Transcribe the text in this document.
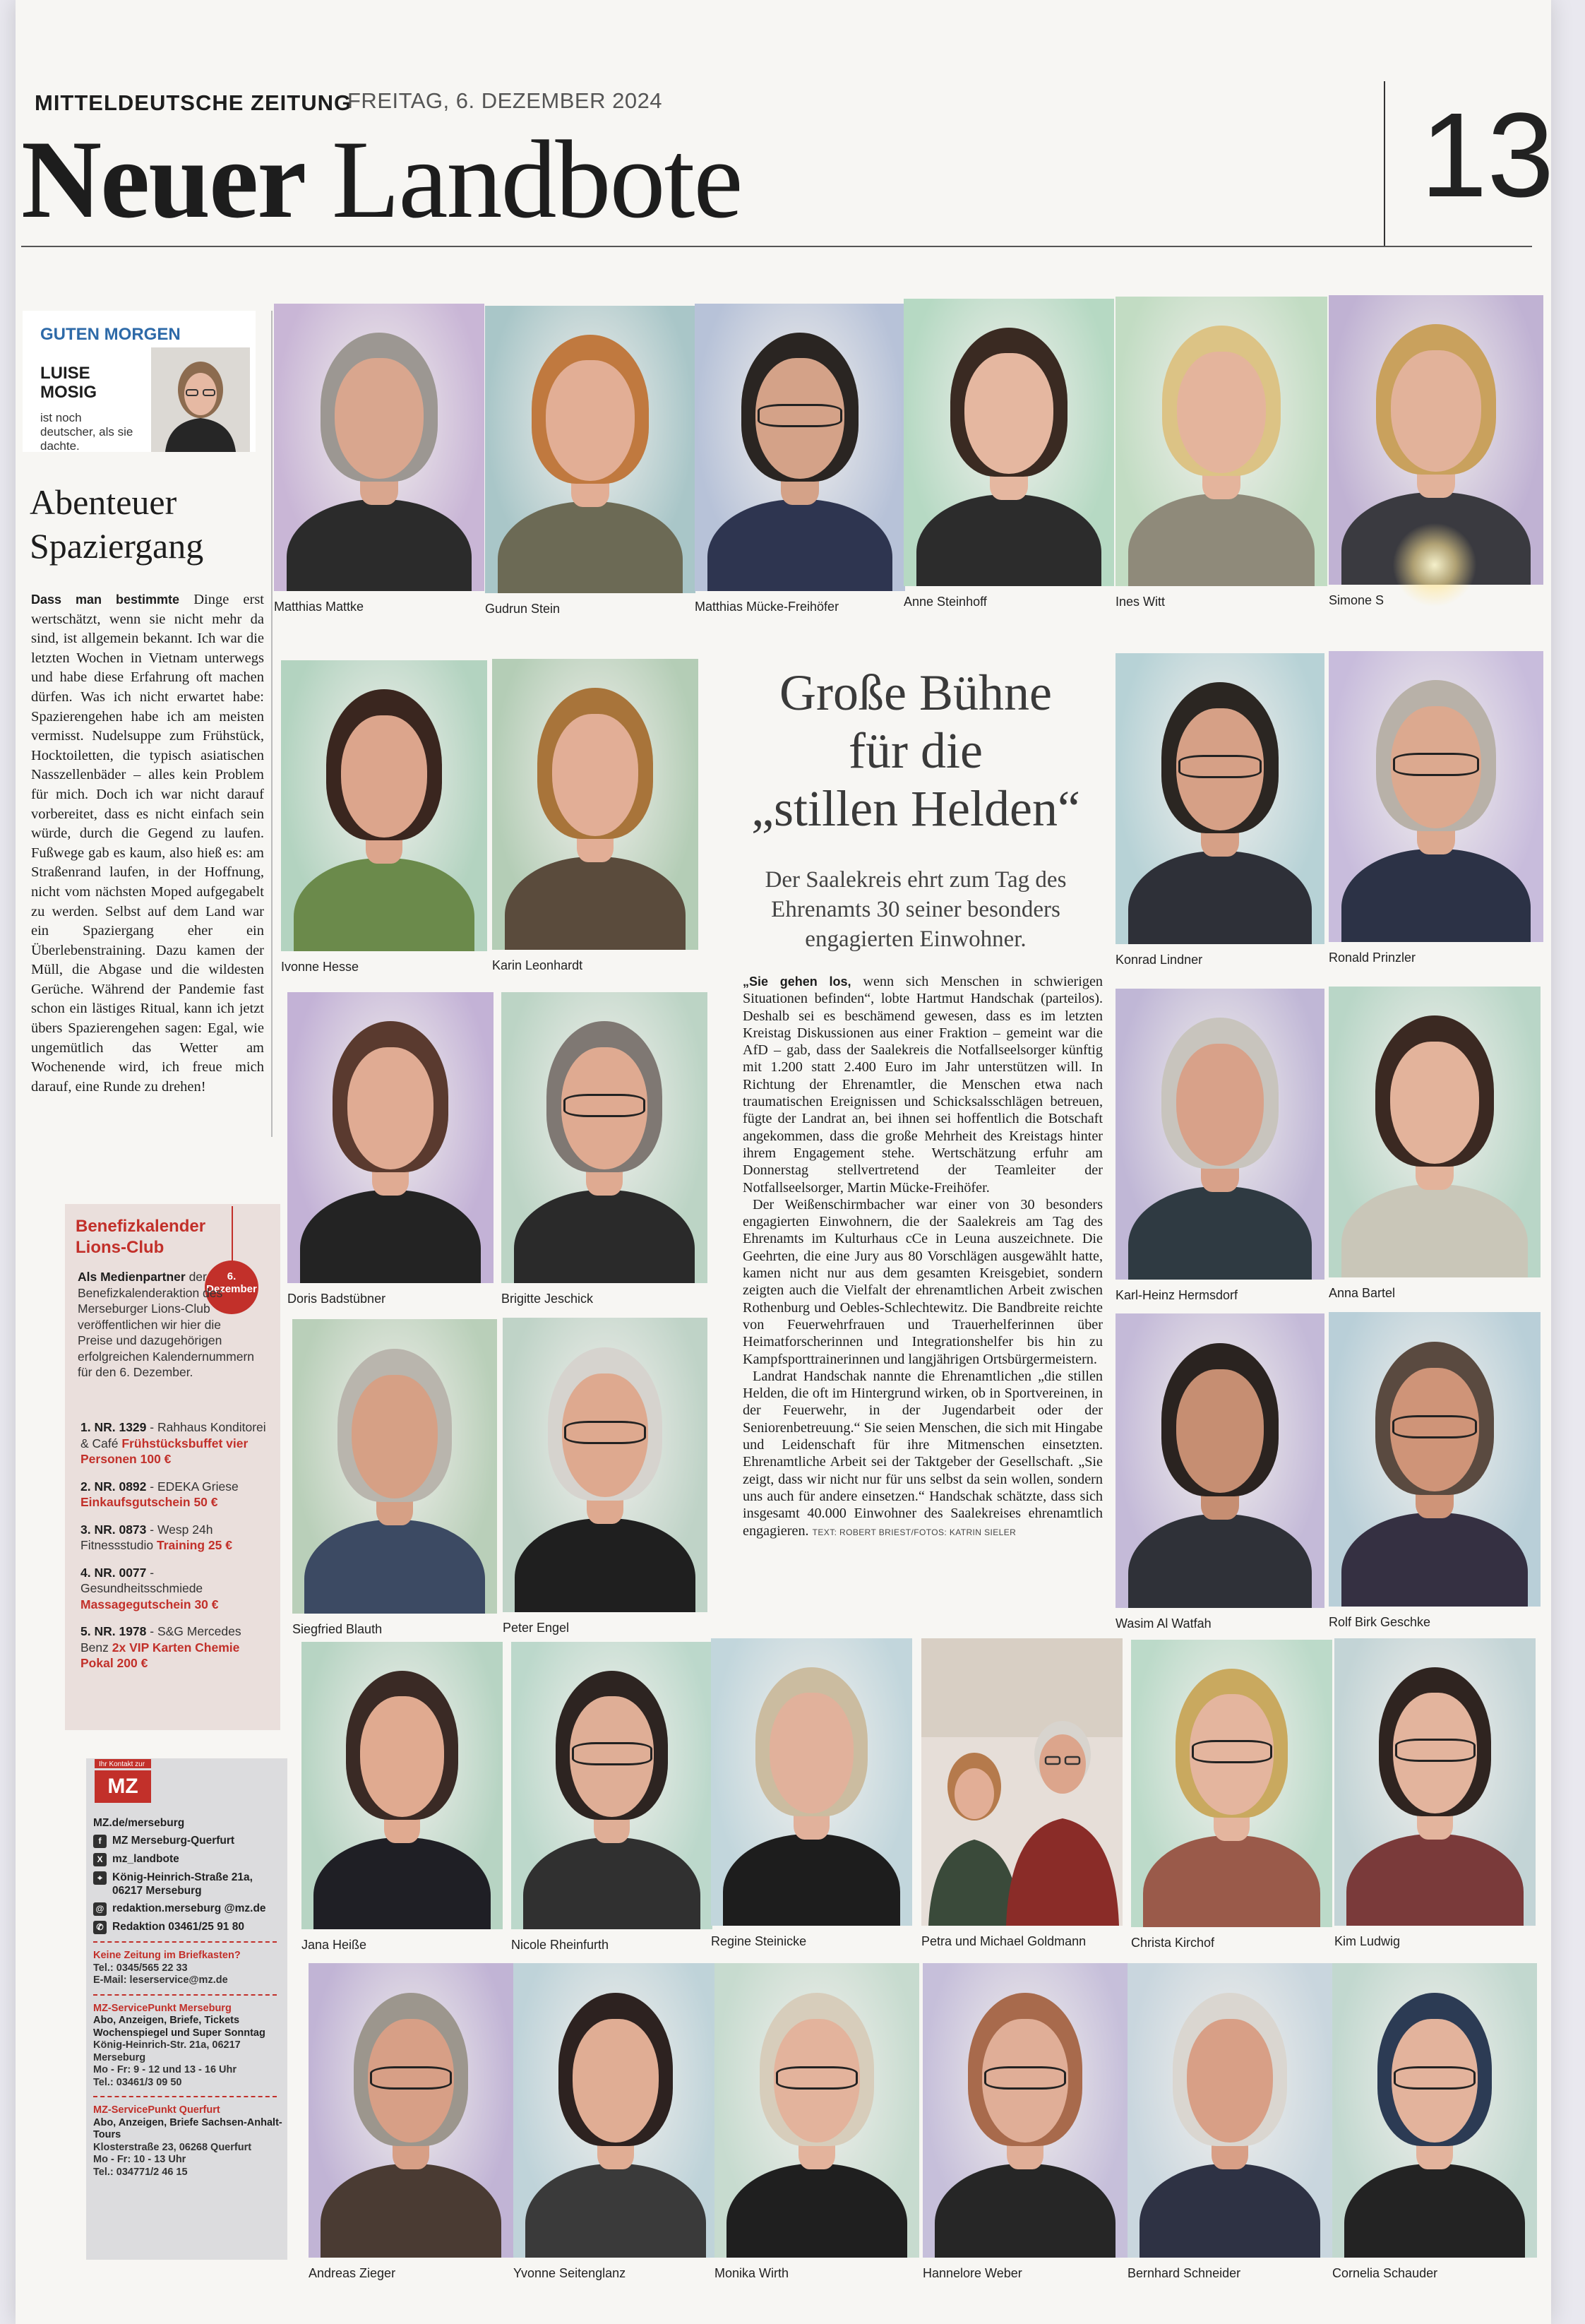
MITTELDEUTSCHE ZEITUNG
FREITAG, 6. DEZEMBER 2024
Neuer Landbote	13
GUTEN MORGEN
LUISE
MOSIG
ist noch deutscher, als sie dachte.
Abenteuer Spaziergang
Dass man bestimmte Dinge erst wertschätzt, wenn sie nicht mehr da sind, ist allgemein bekannt. Ich war die letzten Wochen in Vietnam unterwegs und habe diese Erfahrung oft machen dürfen. Was ich nicht erwartet habe: Spazierengehen habe ich am meisten vermisst. Nudelsuppe zum Frühstück, Hocktoiletten, die typisch asiatischen Nasszellenbäder – alles kein Problem für mich. Doch ich war nicht darauf vorbereitet, dass es nicht einfach sein würde, durch die Gegend zu laufen. Fußwege gab es kaum, also hieß es: am Straßenrand laufen, in der Hoffnung, nicht vom nächsten Moped aufgegabelt zu werden. Selbst auf dem Land war ein Spaziergang eher ein Überlebenstraining. Dazu kamen der Müll, die Abgase und die wildesten Gerüche. Während der Pandemie fast schon ein lästiges Ritual, kann ich jetzt übers Spazierengehen sagen: Egal, wie ungemütlich das Wetter am Wochenende wird, ich freue mich darauf, eine Runde zu drehen!
Benefizkalender Lions-Club
6.
Dezember
Als Medienpartner der Benefizkalenderaktion des Merseburger Lions-Club veröffentlichen wir hier die Preise und dazugehörigen erfolgreichen Kalendernummern für den 6. Dezember.
1. NR. 1329 - Rahhaus Konditorei & Café Frühstücksbuffet vier Personen 100 €
2. NR. 0892 - EDEKA Griese Einkaufsgutschein 50 €
3. NR. 0873 - Wesp 24h Fitnessstudio Training 25 €
4. NR. 0077 - Gesundheitsschmiede Massagegutschein 30 €
5. NR. 1978 - S&G Mercedes Benz 2x VIP Karten Chemie Pokal 200 €
Ihr Kontakt zur
MZ
MZ.de/merseburg
f	MZ Merseburg-Querfurt
X mz_landbote
⌖ König-Heinrich-Straße 21a, 06217 Merseburg
@ redaktion.merseburg @mz.de
✆ Redaktion 03461/25 91 80
Keine Zeitung im Briefkasten?
Tel.: 0345/565 22 33
E-Mail: leserservice@mz.de
MZ-ServicePunkt Merseburg
Abo, Anzeigen, Briefe, Tickets Wochenspiegel und Super Sonntag
König-Heinrich-Str. 21a, 06217 Merseburg
Mo - Fr: 9 - 12 und 13 - 16 Uhr
Tel.: 03461/3 09 50
MZ-ServicePunkt Querfurt
Abo, Anzeigen, Briefe Sachsen-Anhalt-Tours
Klosterstraße 23, 06268 Querfurt
Mo - Fr: 10 - 13 Uhr
Tel.: 034771/2 46 15
Große Bühne
für die
„stillen Helden“
Der Saalekreis ehrt zum Tag des Ehrenamts 30 seiner besonders engagierten Einwohner.

„Sie gehen los, wenn sich Menschen in schwierigen Situationen befinden“, lobte Hartmut Handschak (parteilos). Deshalb sei es beschämend gewesen, dass es im letzten Kreistag Diskussionen aus einer Fraktion – gemeint war die AfD – gab, dass der Saalekreis die Notfallseelsorger künftig mit 1.200 statt 2.400 Euro im Jahr unterstützen will. In Richtung der Ehrenamtler, die Menschen etwa nach traumatischen Ereignissen und Schicksalsschlägen betreuen, fügte der Landrat an, bei ihnen sei hoffentlich die Botschaft angekommen, dass die große Mehrheit des Kreistags hinter ihrem Engagement stehe. Wertschätzung erfuhr am Donnerstag stellvertretend der Teamleiter der Notfallseelsorger, Martin Mücke-Freihöfer.

Der Weißenschirmbacher war einer von 30 besonders engagierten Einwohnern, die der Saalekreis am Tag des Ehrenamts im Kulturhaus cCe in Leuna auszeichnete. Die Geehrten, die eine Jury aus 80 Vorschlägen ausgewählt hatte, kamen nicht nur aus dem gesamten Kreisgebiet, sondern zeigten auch die Vielfalt der ehrenamtlichen Arbeit zwischen Rothenburg und Oebles-Schlechtewitz. Die Bandbreite reichte von Feuerwehrfrauen und Trauerhelferinnen über Heimatforscherinnen und Integrationshelfer bis hin zu Kampfsporttrainerinnen und langjährigen Ortsbürgermeistern.

Landrat Handschak nannte die Ehrenamtlichen „die stillen Helden, die oft im Hintergrund wirken, ob in Sportvereinen, in der Feuerwehr, in der Jugendarbeit oder der Seniorenbetreuung.“ Sie seien Menschen, die sich mit Hingabe und Leidenschaft für ihre Mitmenschen einsetzten. Ehrenamtliche Arbeit sei der Taktgeber der Gesellschaft. „Sie zeigt, dass wir nicht nur für uns selbst da sein wollen, sondern uns auch für andere einsetzen.“ Handschak schätzte, dass sich insgesamt 40.000 Einwohner des Saalekreises ehrenamtlich engagieren. TEXT: ROBERT BRIEST/FOTOS: KATRIN SIELER

Matthias Mattke	Gudrun Stein	Matthias Mücke-Freihöfer	Anne Steinhoff	Ines Witt	Simone S
Ivonne Hesse	Karin Leonhardt	Konrad Lindner	Ronald Prinzler
Doris Badstübner	Brigitte Jeschick	Karl-Heinz Hermsdorf	Anna Bartel
Siegfried Blauth	Peter Engel	Wasim Al Watfah	Rolf Birk Geschke
Jana Heiße	Nicole Rheinfurth	Regine Steinicke	Christa Kirchof	Kim Ludwig
Andreas Zieger	Yvonne Seitenglanz	Monika Wirth	Hannelore Weber	Bernhard Schneider	Cornelia Schauder
Petra und Michael Goldmann
